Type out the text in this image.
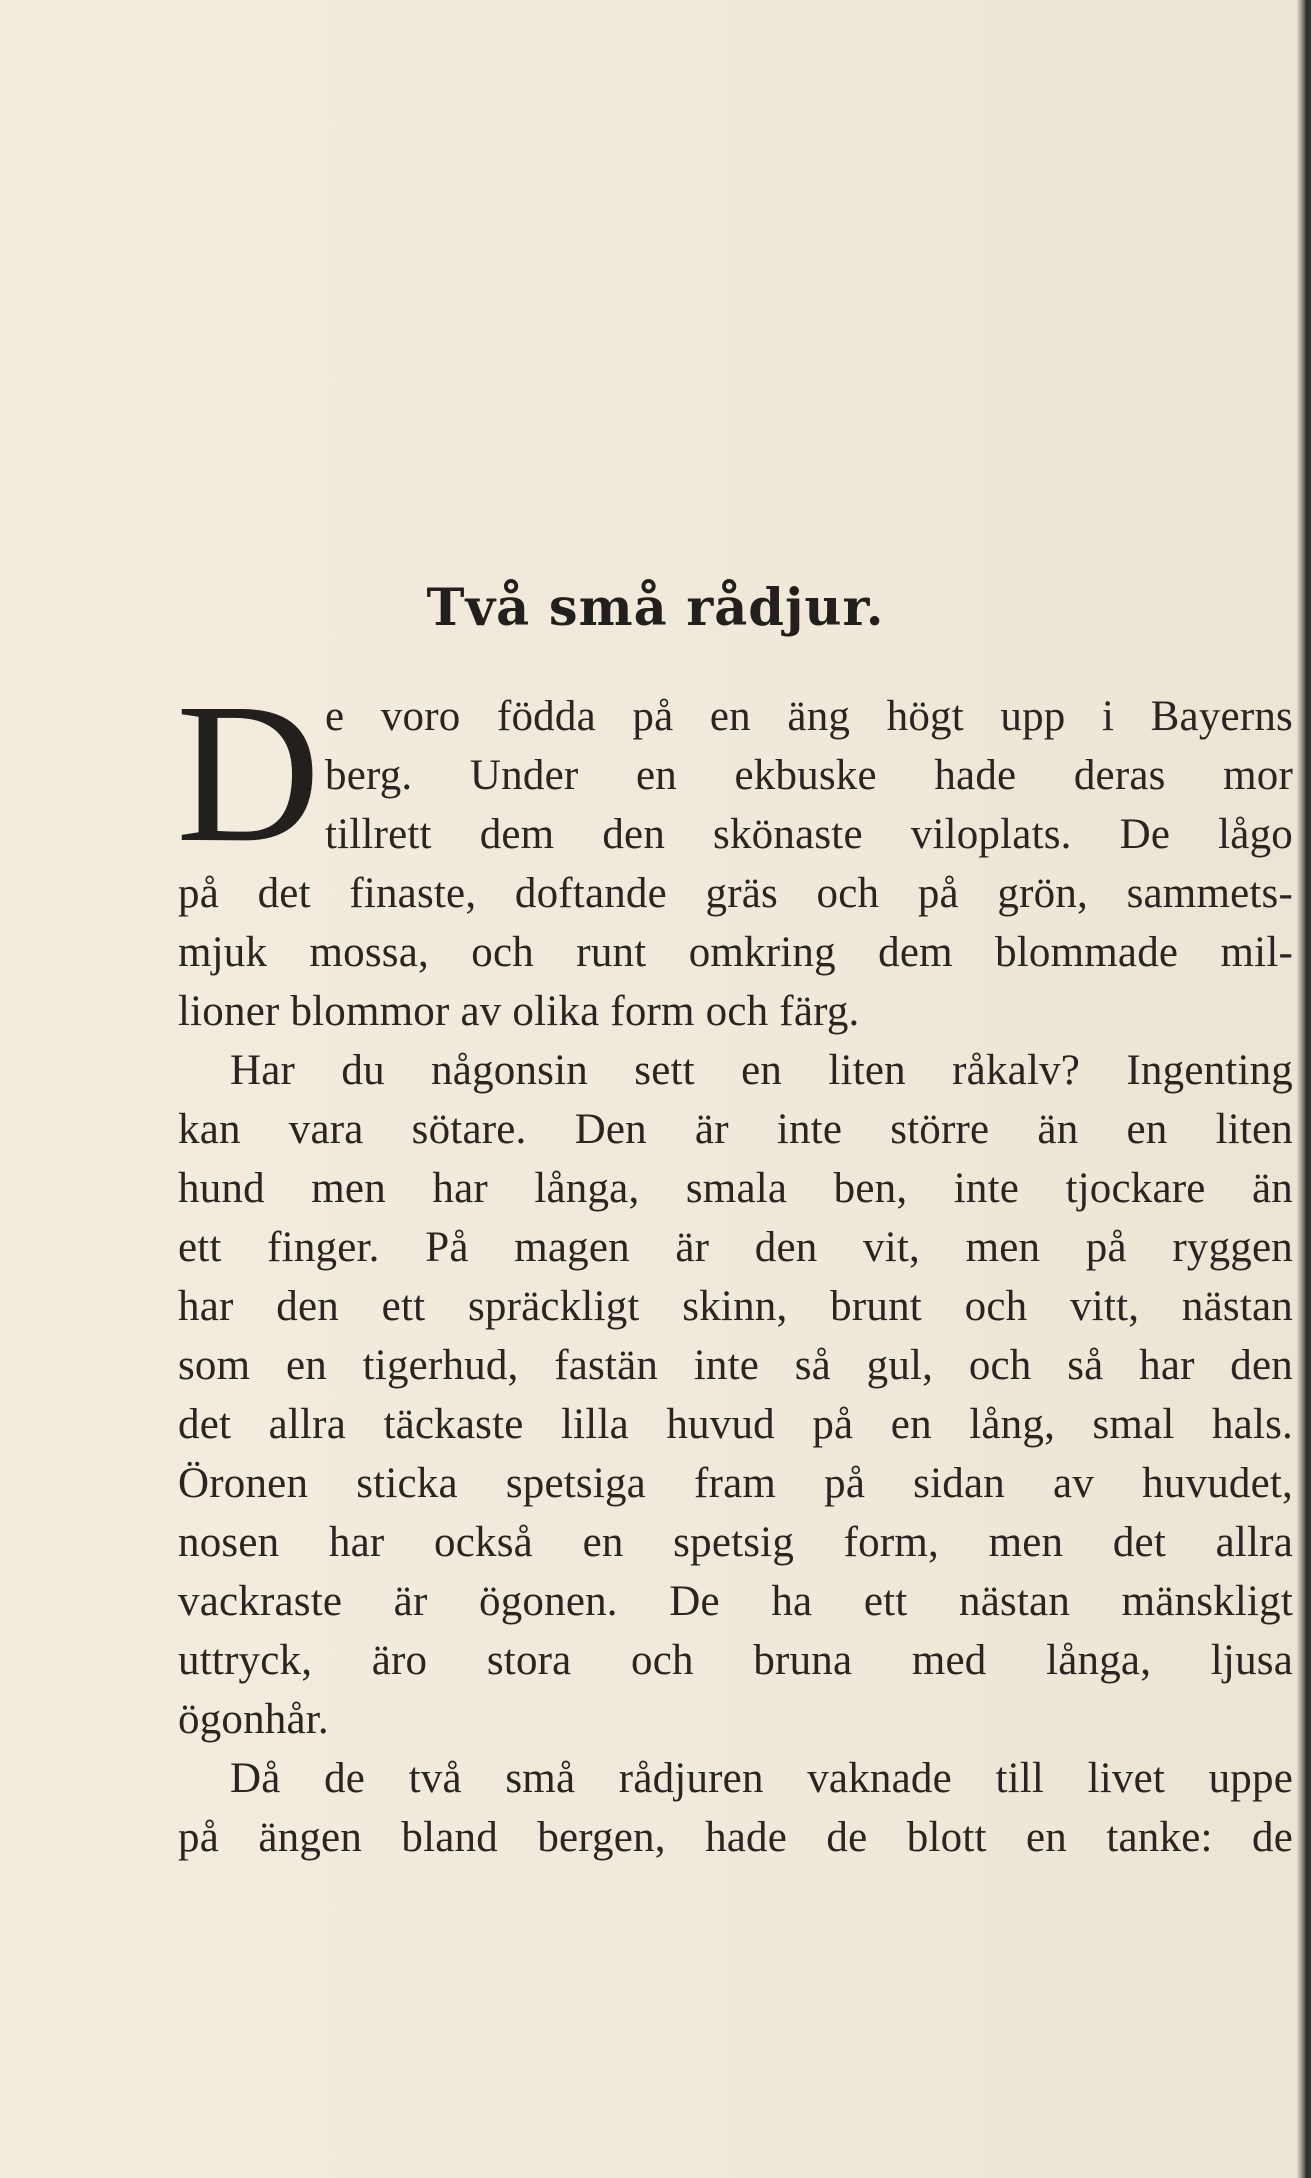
Två små rådjur.
D e voro födda på en äng högt upp i Bayerns
berg. Under en ekbuske hade deras mor
tillrett dem den skönaste viloplats. De lågo
på det finaste, doftande gräs och på grön, sammets-
mjuk mossa, och runt omkring dem blommade mil-
lioner blommor av olika form och färg.
Har du någonsin sett en liten råkalv? Ingenting
kan vara sötare. Den är inte större än en liten
hund men har långa, smala ben, inte tjockare än
ett finger. På magen är den vit, men på ryggen
har den ett spräckligt skinn, brunt och vitt, nästan
som en tigerhud, fastän inte så gul, och så har den
det allra täckaste lilla huvud på en lång, smal hals.
Öronen sticka spetsiga fram på sidan av huvudet,
nosen har också en spetsig form, men det allra
vackraste är ögonen. De ha ett nästan mänskligt
uttryck, äro stora och bruna med långa, ljusa
ögonhår.
Då de två små rådjuren vaknade till livet uppe
på ängen bland bergen, hade de blott en tanke: de
